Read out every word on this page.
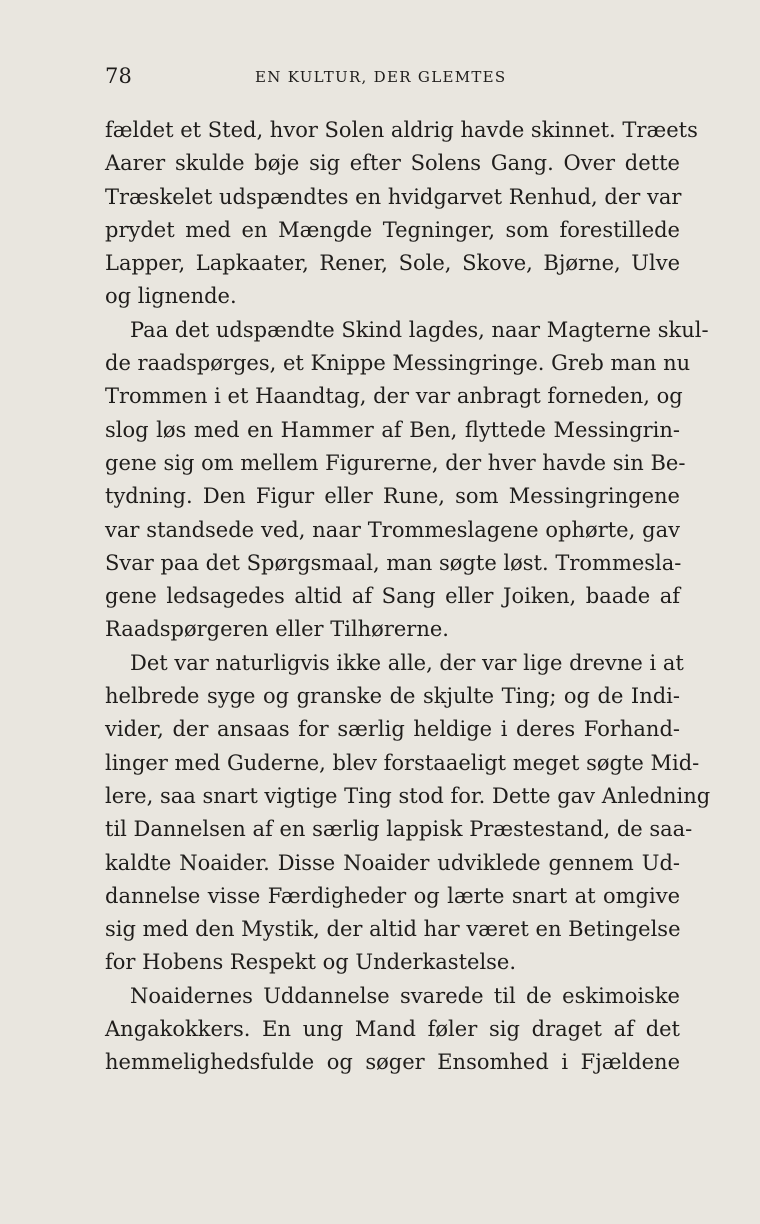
78	EN KULTUR, DER GLEMTES
fældet et Sted, hvor Solen aldrig havde skinnet. Træets
Aarer skulde bøje sig efter Solens Gang. Over dette
Træskelet udspændtes en hvidgarvet Renhud, der var
prydet med en Mængde Tegninger, som forestillede
Lapper, Lapkaater, Rener, Sole, Skove, Bjørne, Ulve
og lignende.
Paa det udspændte Skind lagdes, naar Magterne skul-
de raadspørges, et Knippe Messingringe. Greb man nu
Trommen i et Haandtag, der var anbragt forneden, og
slog løs med en Hammer af Ben, flyttede Messingrin-
gene sig om mellem Figurerne, der hver havde sin Be-
tydning. Den Figur eller Rune, som Messingringene
var standsede ved, naar Trommeslagene ophørte, gav
Svar paa det Spørgsmaal, man søgte løst. Trommesla-
gene ledsagedes altid af Sang eller Joiken, baade af
Raadspørgeren eller Tilhørerne.
Det var naturligvis ikke alle, der var lige drevne i at
helbrede syge og granske de skjulte Ting; og de Indi-
vider, der ansaas for særlig heldige i deres Forhand-
linger med Guderne, blev forstaaeligt meget søgte Mid-
lere, saa snart vigtige Ting stod for. Dette gav Anledning
til Dannelsen af en særlig lappisk Præstestand, de saa-
kaldte Noaider. Disse Noaider udviklede gennem Ud-
dannelse visse Færdigheder og lærte snart at omgive
sig med den Mystik, der altid har været en Betingelse
for Hobens Respekt og Underkastelse.
Noaidernes Uddannelse svarede til de eskimoiske
Angakokkers. En ung Mand føler sig draget af det
hemmelighedsfulde og søger Ensomhed i Fjældene
